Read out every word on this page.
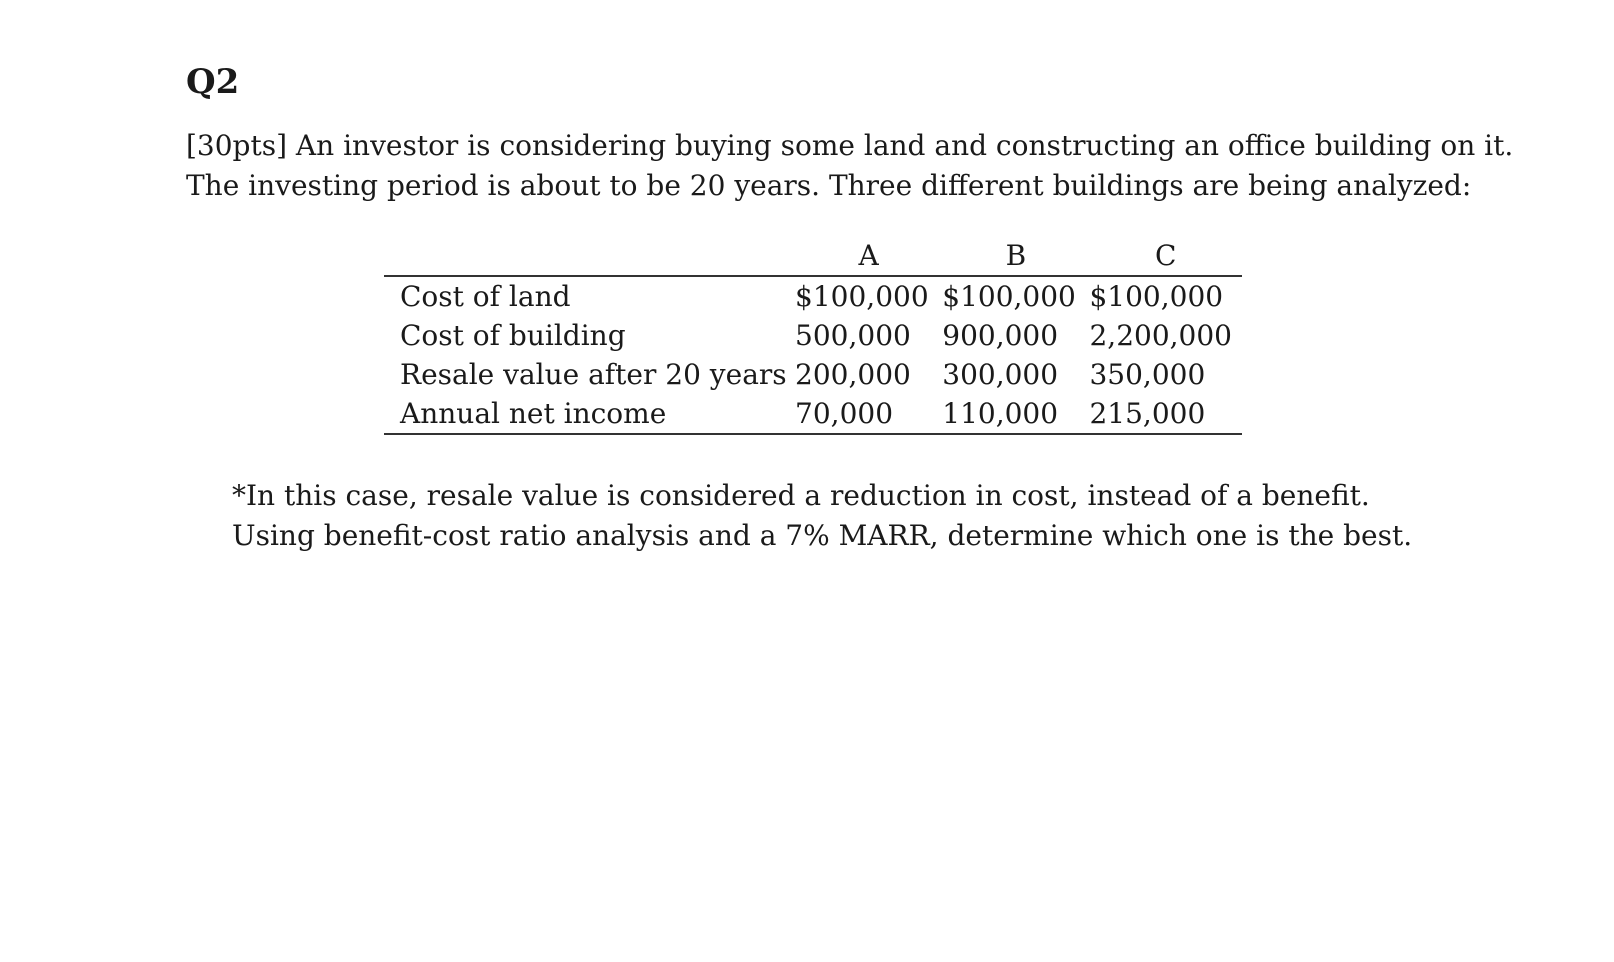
Q2

[30pts] An investor is considering buying some land and constructing an office building on it.
The investing period is about to be 20 years. Three different buildings are being analyzed:

	A	B	C
Cost of land	$100,000	$100,000	$100,000
Cost of building	500,000	900,000	2,200,000
Resale value after 20 years	200,000	300,000	350,000
Annual net income	70,000	110,000	215,000

*In this case, resale value is considered a reduction in cost, instead of a benefit.
Using benefit-cost ratio analysis and a 7% MARR, determine which one is the best.
